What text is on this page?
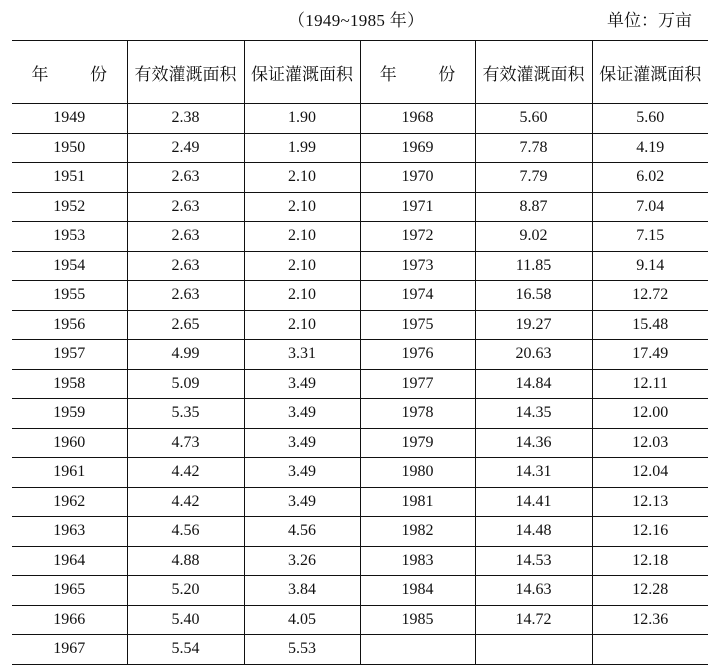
（1949~1985 年）	单位：万亩
年 份	有效灌溉面积	保证灌溉面积	年 份	有效灌溉面积	保证灌溉面积
1949	2.38	1.90	1968	5.60	5.60
1950	2.49	1.99	1969	7.78	4.19
1951	2.63	2.10	1970	7.79	6.02
1952	2.63	2.10	1971	8.87	7.04
1953	2.63	2.10	1972	9.02	7.15
1954	2.63	2.10	1973	11.85	9.14
1955	2.63	2.10	1974	16.58	12.72
1956	2.65	2.10	1975	19.27	15.48
1957	4.99	3.31	1976	20.63	17.49
1958	5.09	3.49	1977	14.84	12.11
1959	5.35	3.49	1978	14.35	12.00
1960	4.73	3.49	1979	14.36	12.03
1961	4.42	3.49	1980	14.31	12.04
1962	4.42	3.49	1981	14.41	12.13
1963	4.56	4.56	1982	14.48	12.16
1964	4.88	3.26	1983	14.53	12.18
1965	5.20	3.84	1984	14.63	12.28
1966	5.40	4.05	1985	14.72	12.36
1967	5.54	5.53			
